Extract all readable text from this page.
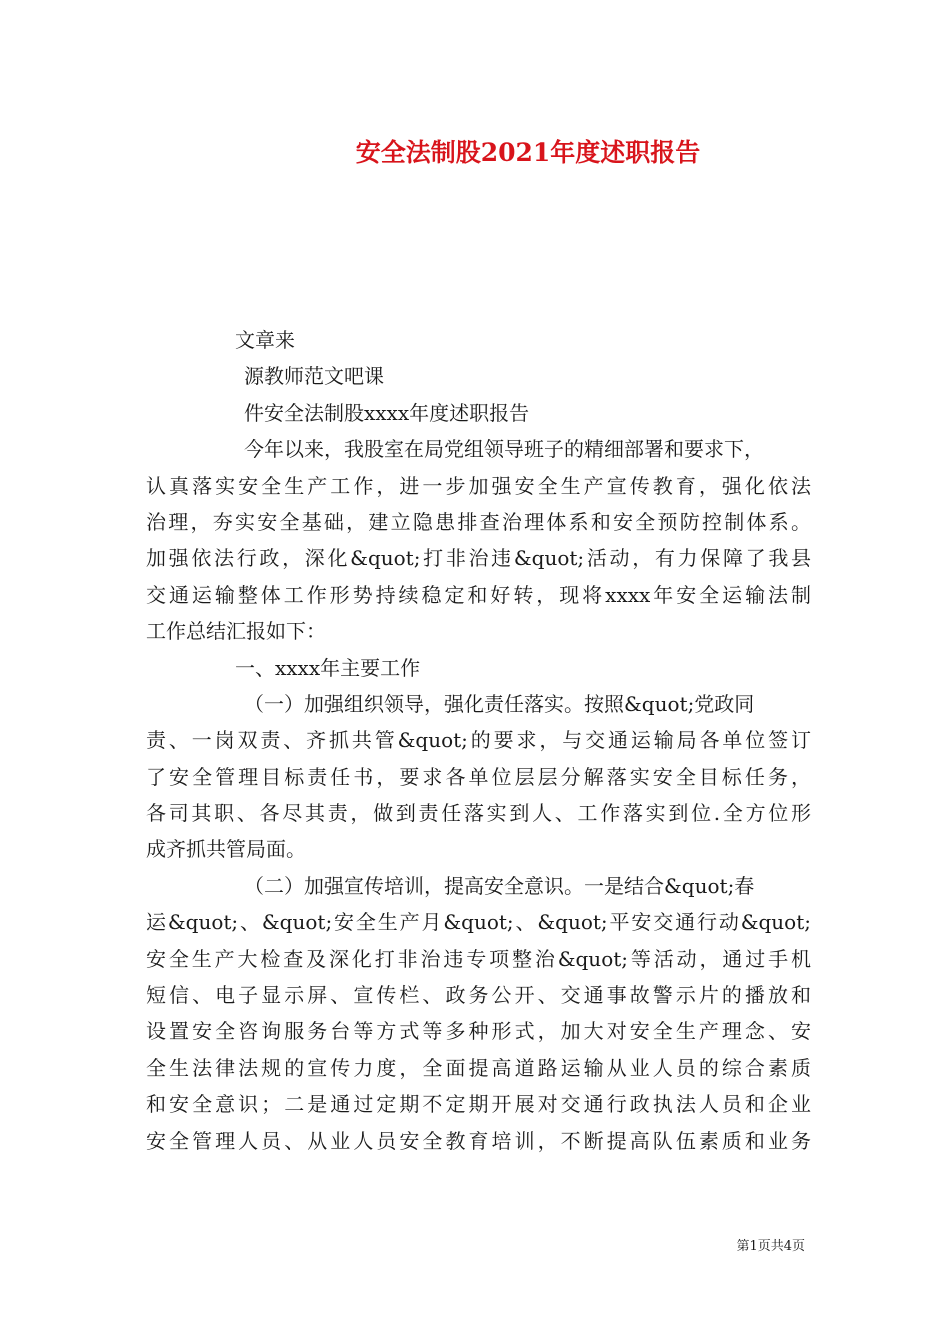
安全法制股2021年度述职报告
文章来
源教师范文吧课
件安全法制股xxxx年度述职报告
今年以来，我股室在局党组领导班子的精细部署和要求下，
认真落实安全生产工作，进一步加强安全生产宣传教育，强化依法
治理，夯实安全基础，建立隐患排查治理体系和安全预防控制体系。
加强依法行政，深化&quot;打非治违&quot;活动，有力保障了我县
交通运输整体工作形势持续稳定和好转，现将xxxx年安全运输法制
工作总结汇报如下：
一、xxxx年主要工作
（一）加强组织领导，强化责任落实。按照&quot;党政同
责、一岗双责、齐抓共管&quot;的要求，与交通运输局各单位签订
了安全管理目标责任书，要求各单位层层分解落实安全目标任务，
各司其职、各尽其责，做到责任落实到人、工作落实到位.全方位形
成齐抓共管局面。
（二）加强宣传培训，提高安全意识。一是结合&quot;春
运&quot;、&quot;安全生产月&quot;、&quot;平安交通行动&quot;
安全生产大检查及深化打非治违专项整治&quot;等活动，通过手机
短信、电子显示屏、宣传栏、政务公开、交通事故警示片的播放和
设置安全咨询服务台等方式等多种形式，加大对安全生产理念、安
全生法律法规的宣传力度，全面提高道路运输从业人员的综合素质
和安全意识；二是通过定期不定期开展对交通行政执法人员和企业
安全管理人员、从业人员安全教育培训，不断提高队伍素质和业务
第1页共4页
